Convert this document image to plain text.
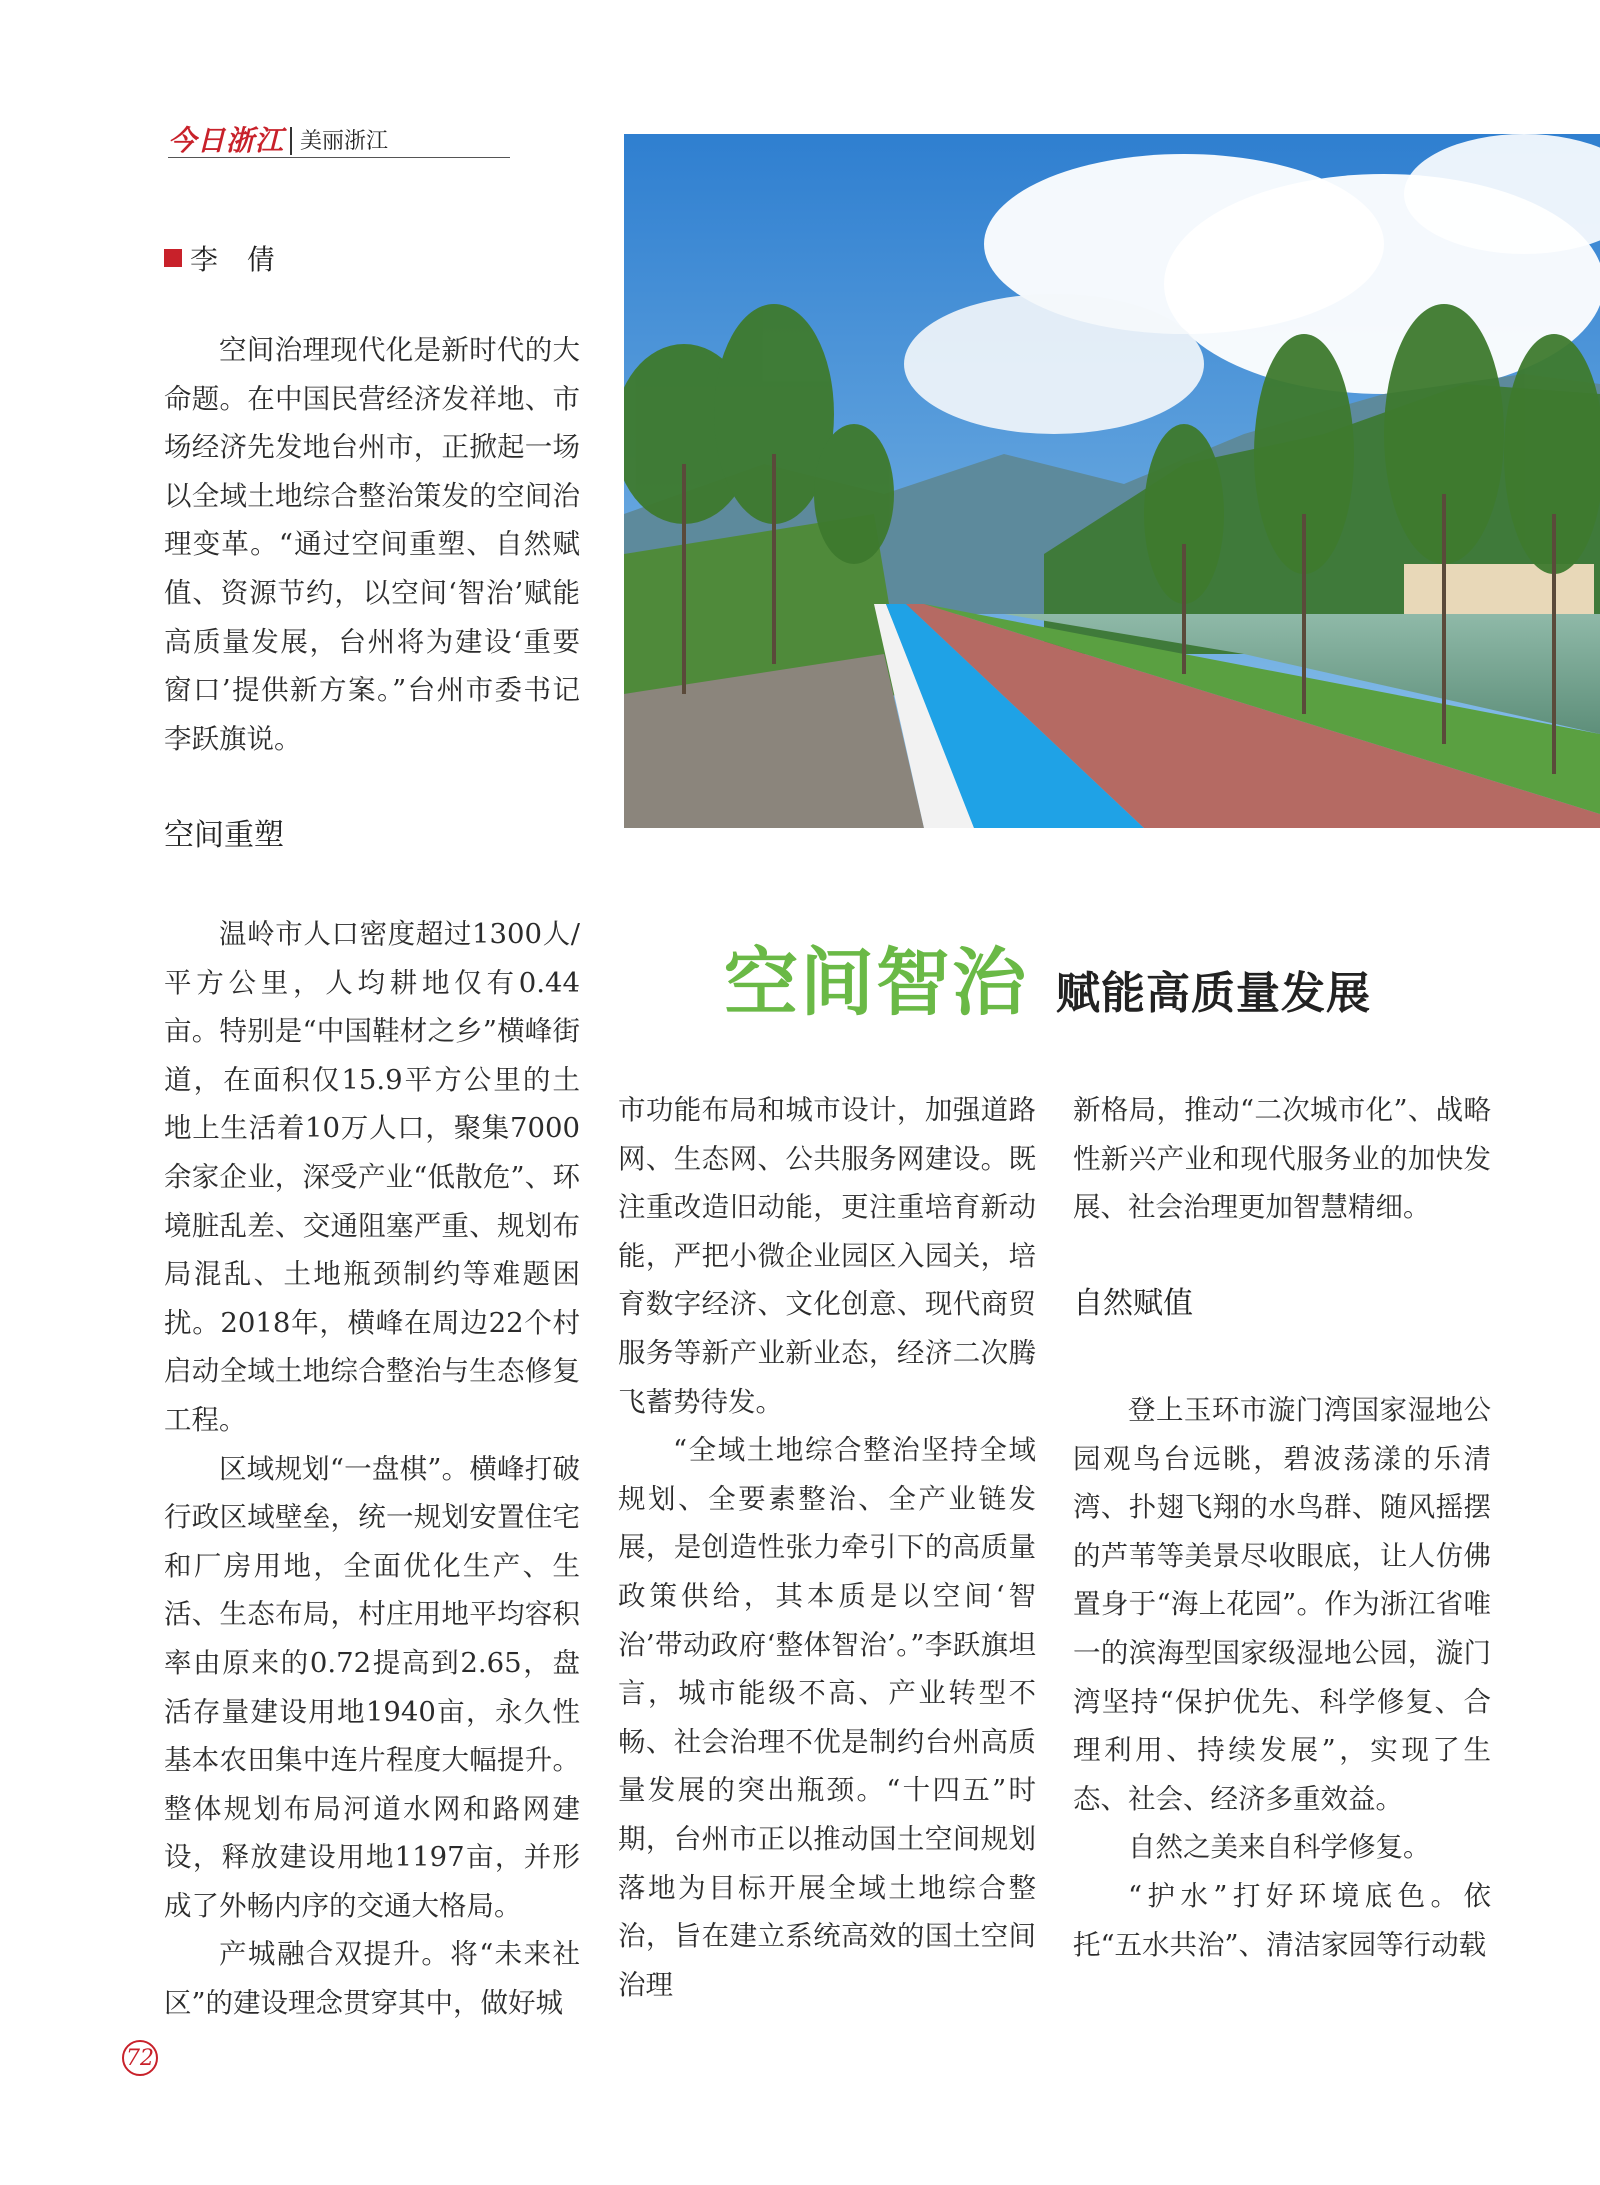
今日浙江 美丽浙江
李 倩
空间智治 赋能高质量发展

空间治理现代化是新时代的大命题。在中国民营经济发祥地、市场经济先发地台州市，正掀起一场以全域土地综合整治策发的空间治理变革。“通过空间重塑、自然赋值、资源节约，以空间‘智治’赋能高质量发展，台州将为建设‘重要窗口’提供新方案。”台州市委书记李跃旗说。

空间重塑

温岭市人口密度超过1300人/平方公里，人均耕地仅有0.44亩。特别是“中国鞋材之乡”横峰街道，在面积仅15.9平方公里的土地上生活着10万人口，聚集7000余家企业，深受产业“低散危”、环境脏乱差、交通阻塞严重、规划布局混乱、土地瓶颈制约等难题困扰。2018年，横峰在周边22个村启动全域土地综合整治与生态修复工程。

区域规划“一盘棋”。横峰打破行政区域壁垒，统一规划安置住宅和厂房用地，全面优化生产、生活、生态布局，村庄用地平均容积率由原来的0.72提高到2.65，盘活存量建设用地1940亩，永久性基本农田集中连片程度大幅提升。整体规划布局河道水网和路网建设，释放建设用地1197亩，并形成了外畅内序的交通大格局。

产城融合双提升。将“未来社区”的建设理念贯穿其中，做好城

市功能布局和城市设计，加强道路网、生态网、公共服务网建设。既注重改造旧动能，更注重培育新动能，严把小微企业园区入园关，培育数字经济、文化创意、现代商贸服务等新产业新业态，经济二次腾飞蓄势待发。

“全域土地综合整治坚持全域规划、全要素整治、全产业链发展，是创造性张力牵引下的高质量政策供给，其本质是以空间‘智治’带动政府‘整体智治’。”李跃旗坦言，城市能级不高、产业转型不畅、社会治理不优是制约台州高质量发展的突出瓶颈。“十四五”时期，台州市正以推动国土空间规划落地为目标开展全域土地综合整治，旨在建立系统高效的国土空间治理

新格局，推动“二次城市化”、战略性新兴产业和现代服务业的加快发展、社会治理更加智慧精细。

自然赋值

登上玉环市漩门湾国家湿地公园观鸟台远眺，碧波荡漾的乐清湾、扑翅飞翔的水鸟群、随风摇摆的芦苇等美景尽收眼底，让人仿佛置身于“海上花园”。作为浙江省唯一的滨海型国家级湿地公园，漩门湾坚持“保护优先、科学修复、合理利用、持续发展”，实现了生态、社会、经济多重效益。

自然之美来自科学修复。

“护水”打好环境底色。依托“五水共治”、清洁家园等行动载

72
